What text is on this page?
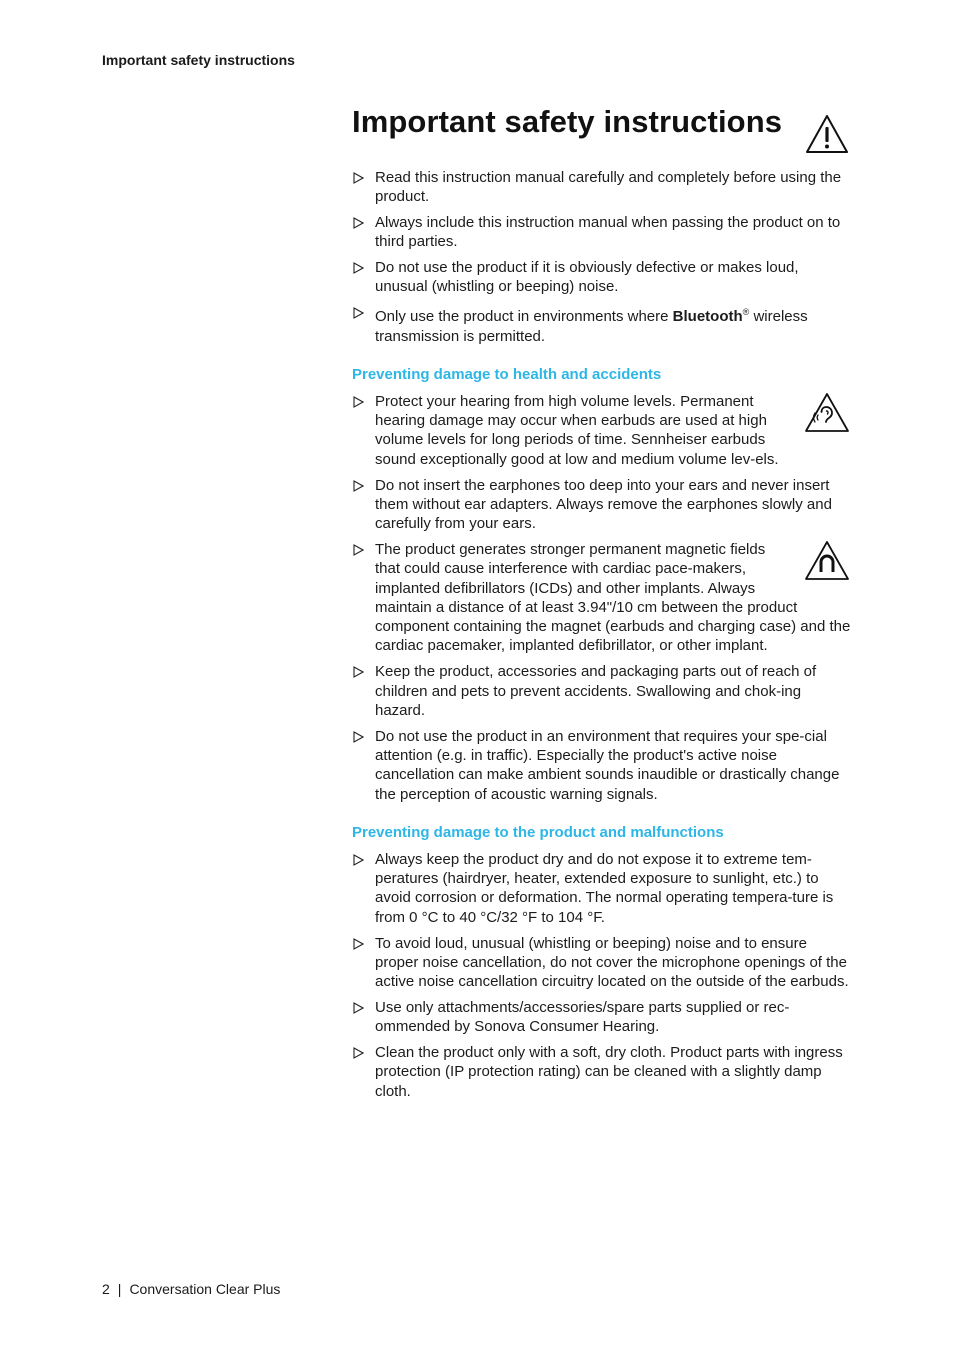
Important safety instructions
Important safety instructions
Read this instruction manual carefully and completely before using the product.
Always include this instruction manual when passing the product on to third parties.
Do not use the product if it is obviously defective or makes loud, unusual (whistling or beeping) noise.
Only use the product in environments where Bluetooth® wireless transmission is permitted.
Preventing damage to health and accidents
Protect your hearing from high volume levels. Permanent hearing damage may occur when earbuds are used at high volume levels for long periods of time. Sennheiser earbuds sound exceptionally good at low and medium volume lev-els.
Do not insert the earphones too deep into your ears and never insert them without ear adapters. Always remove the earphones slowly and carefully from your ears.
The product generates stronger permanent magnetic fields that could cause interference with cardiac pace-makers, implanted defibrillators (ICDs) and other implants. Always maintain a distance of at least 3.94"/10 cm between the product component containing the magnet (earbuds and charging case) and the cardiac pacemaker, implanted defibrillator, or other implant.
Keep the product, accessories and packaging parts out of reach of children and pets to prevent accidents. Swallowing and chok-ing hazard.
Do not use the product in an environment that requires your spe-cial attention (e.g. in traffic). Especially the product's active noise cancellation can make ambient sounds inaudible or drastically change the perception of acoustic warning signals.
Preventing damage to the product and malfunctions
Always keep the product dry and do not expose it to extreme tem-peratures (hairdryer, heater, extended exposure to sunlight, etc.) to avoid corrosion or deformation. The normal operating tempera-ture is from 0 °C to 40 °C/32 °F to 104 °F.
To avoid loud, unusual (whistling or beeping) noise and to ensure proper noise cancellation, do not cover the microphone openings of the active noise cancellation circuitry located on the outside of the earbuds.
Use only attachments/accessories/spare parts supplied or rec-ommended by Sonova Consumer Hearing.
Clean the product only with a soft, dry cloth. Product parts with ingress protection (IP protection rating) can be cleaned with a slightly damp cloth.
2 | Conversation Clear Plus
